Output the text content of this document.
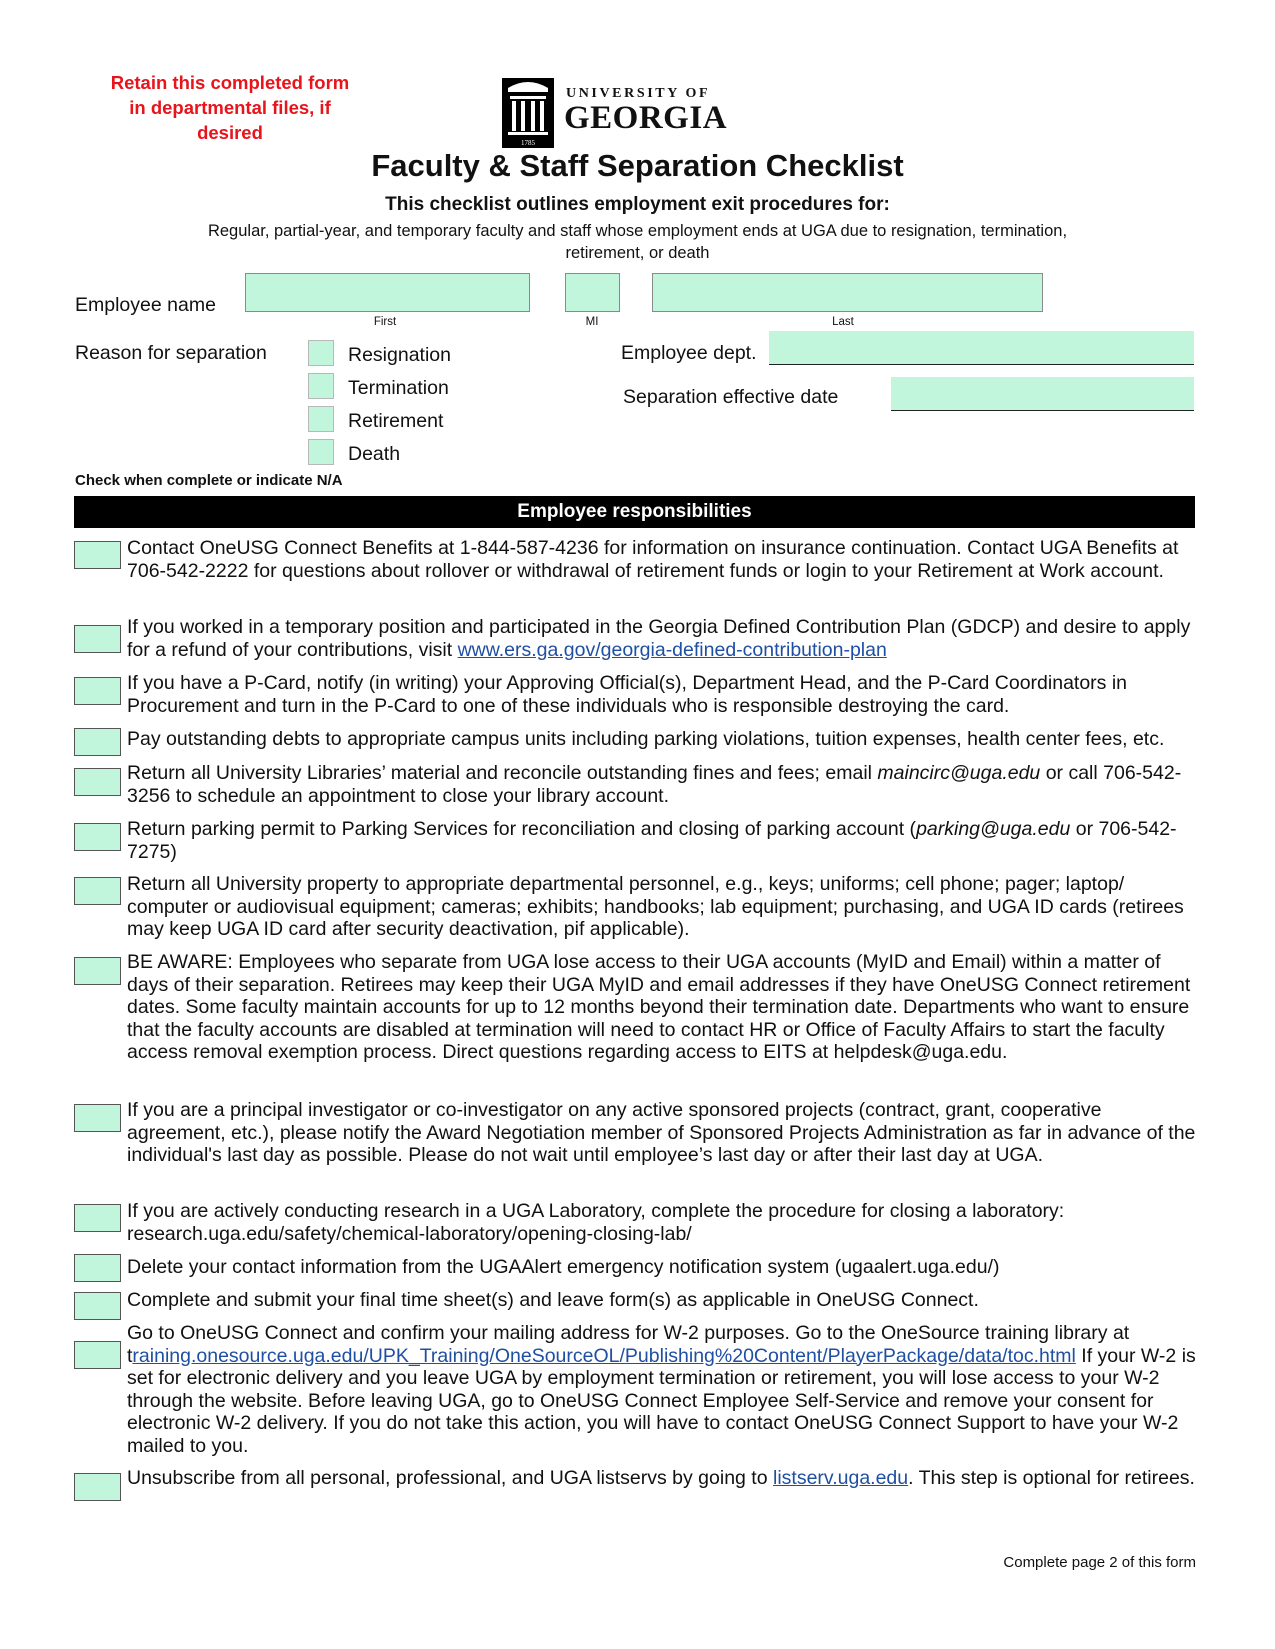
Retain this completed form in departmental files, if desired	1785
UNIVERSITY OF
GEORGIA
Faculty & Staff Separation Checklist
This checklist outlines employment exit procedures for:
Regular, partial-year, and temporary faculty and staff whose employment ends at UGA due to resignation, termination, retirement, or death
Employee name
First	MI	Last
Reason for separation	Resignation
Termination
Retirement
Death
Employee dept.
Separation effective date
Check when complete or indicate N/A
Employee responsibilities
Contact OneUSG Connect Benefits at 1-844-587-4236 for information on insurance continuation. Contact UGA Benefits at 706-542-2222 for questions about rollover or withdrawal of retirement funds or login to your Retirement at Work account.
If you worked in a temporary position and participated in the Georgia Defined Contribution Plan (GDCP) and desire to apply for a refund of your contributions, visit www.ers.ga.gov/georgia-defined-contribution-plan
If you have a P-Card, notify (in writing) your Approving Official(s), Department Head, and the P-Card Coordinators in Procurement and turn in the P-Card to one of these individuals who is responsible destroying the card.
Pay outstanding debts to appropriate campus units including parking violations, tuition expenses, health center fees, etc.
Return all University Libraries’ material and reconcile outstanding fines and fees; email maincirc@uga.edu or call 706-542-3256 to schedule an appointment to close your library account.
Return parking permit to Parking Services for reconciliation and closing of parking account (parking@uga.edu or 706-542-7275)
Return all University property to appropriate departmental personnel, e.g., keys; uniforms; cell phone; pager; laptop/ computer or audiovisual equipment; cameras; exhibits; handbooks; lab equipment; purchasing, and UGA ID cards (retirees may keep UGA ID card after security deactivation, pif applicable).
BE AWARE: Employees who separate from UGA lose access to their UGA accounts (MyID and Email) within a matter of days of their separation. Retirees may keep their UGA MyID and email addresses if they have OneUSG Connect retirement dates. Some faculty maintain accounts for up to 12 months beyond their termination date. Departments who want to ensure that the faculty accounts are disabled at termination will need to contact HR or Office of Faculty Affairs to start the faculty access removal exemption process. Direct questions regarding access to EITS at helpdesk@uga.edu.
If you are a principal investigator or co-investigator on any active sponsored projects (contract, grant, cooperative agreement, etc.), please notify the Award Negotiation member of Sponsored Projects Administration as far in advance of the individual's last day as possible. Please do not wait until employee’s last day or after their last day at UGA.
If you are actively conducting research in a UGA Laboratory, complete the procedure for closing a laboratory: research.uga.edu/safety/chemical-laboratory/opening-closing-lab/
Delete your contact information from the UGAAlert emergency notification system (ugaalert.uga.edu/)
Complete and submit your final time sheet(s) and leave form(s) as applicable in OneUSG Connect.
Go to OneUSG Connect and confirm your mailing address for W-2 purposes. Go to the OneSource training library at training.onesource.uga.edu/UPK_Training/OneSourceOL/Publishing%20Content/PlayerPackage/data/toc.html If your W-2 is set for electronic delivery and you leave UGA by employment termination or retirement, you will lose access to your W-2 through the website. Before leaving UGA, go to OneUSG Connect Employee Self-Service and remove your consent for electronic W-2 delivery. If you do not take this action, you will have to contact OneUSG Connect Support to have your W-2 mailed to you.
Unsubscribe from all personal, professional, and UGA listservs by going to listserv.uga.edu. This step is optional for retirees.
Complete page 2 of this form
